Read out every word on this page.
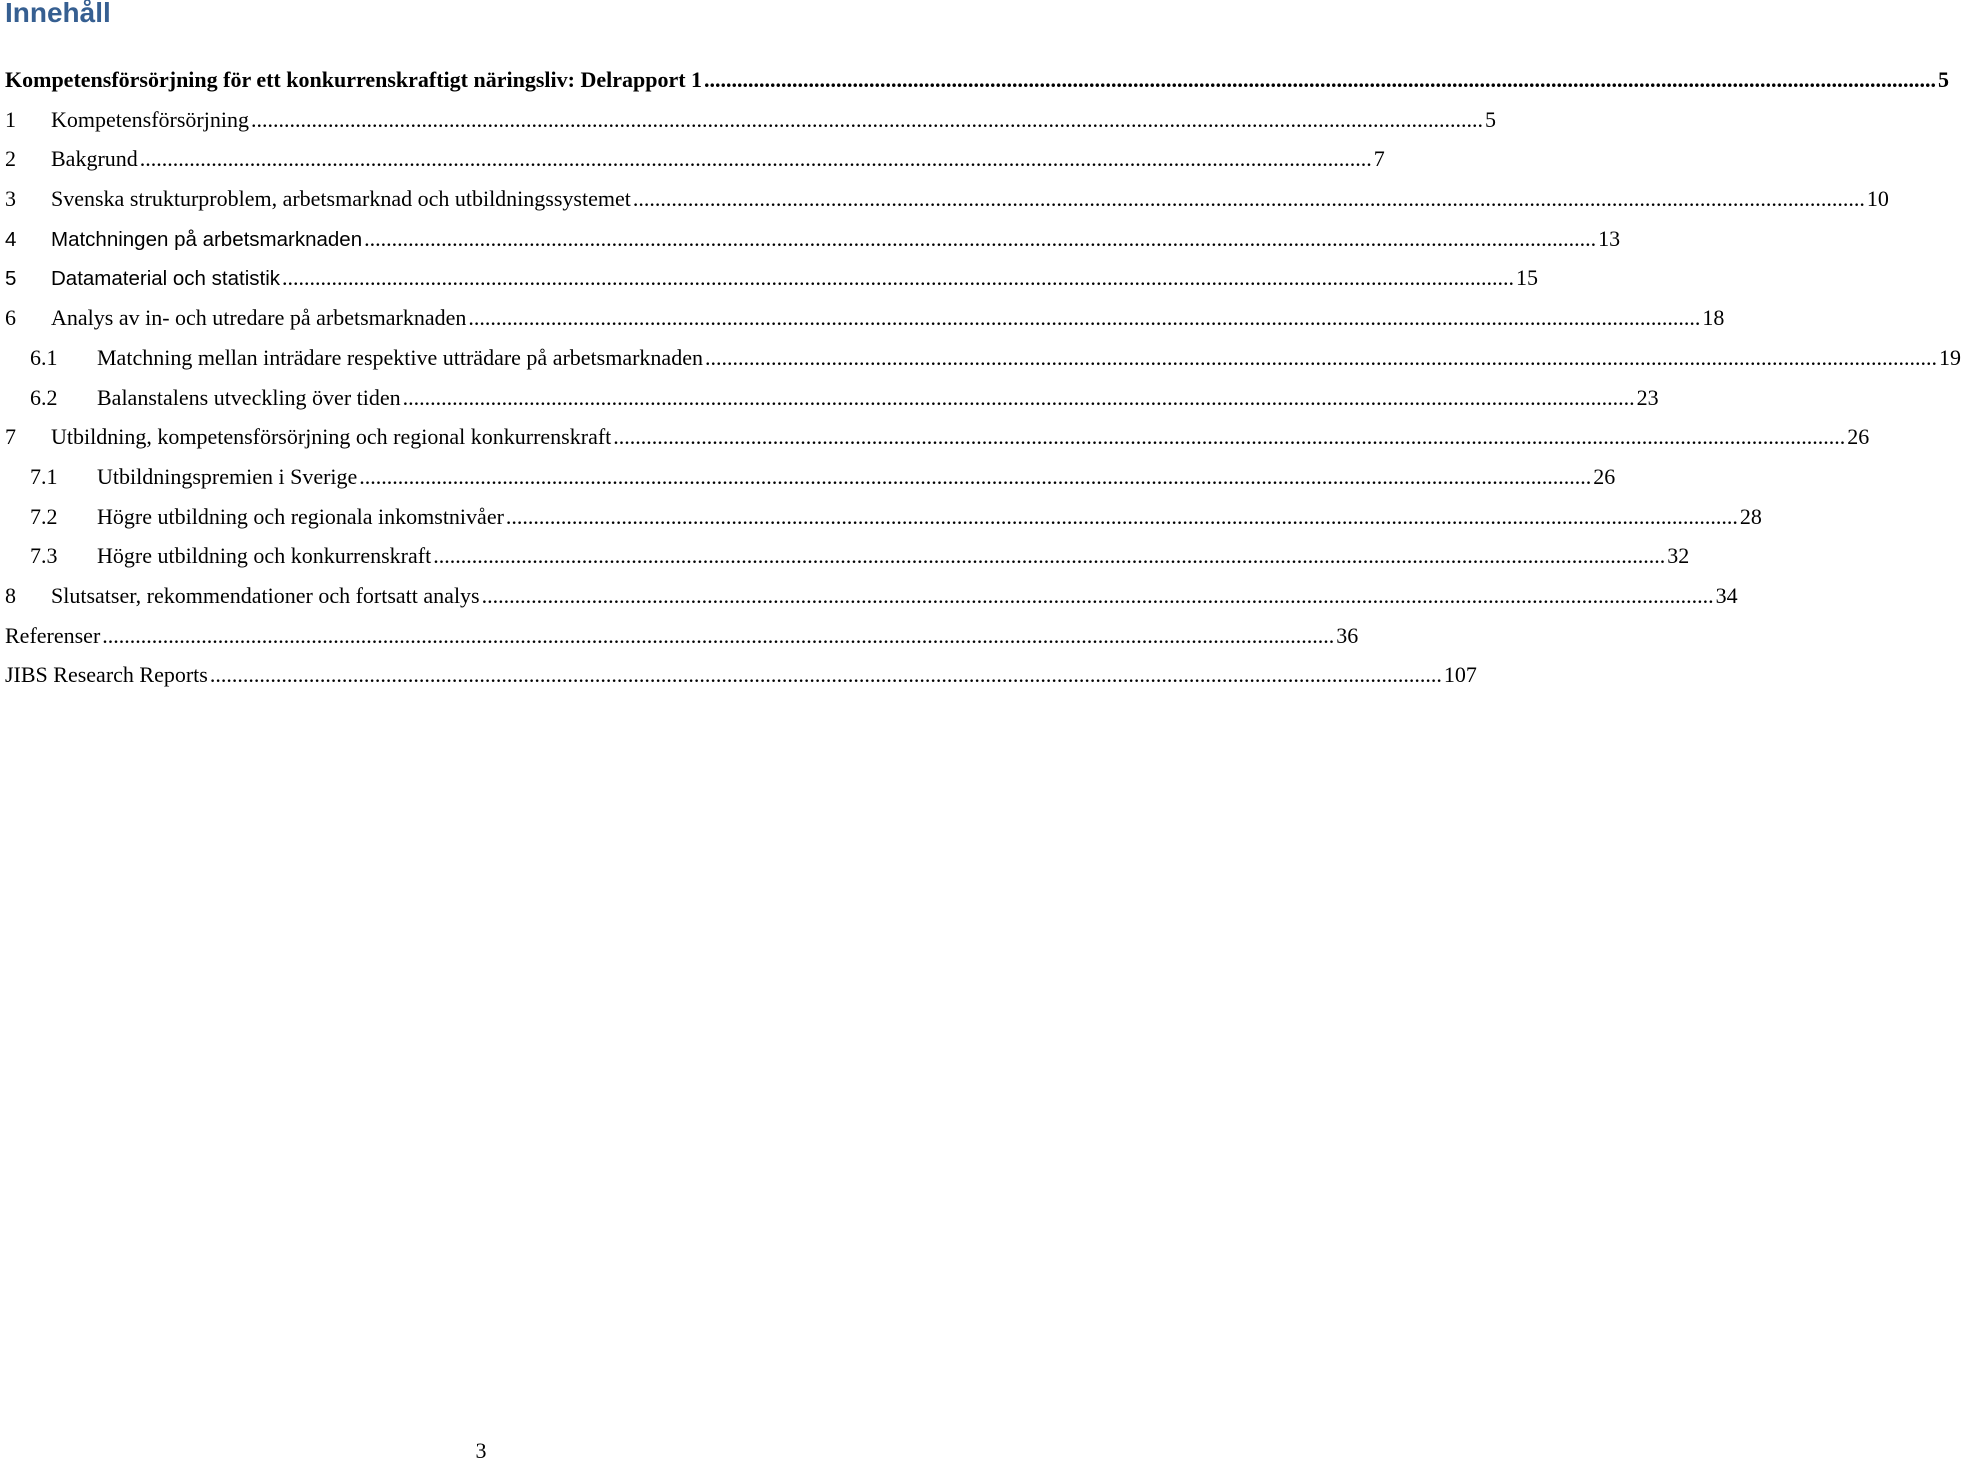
Innehåll
Kompetensförsörjning för ett konkurrenskraftigt näringsliv: Delrapport 1 .....	5
1	Kompetensförsörjning .....	5
2	Bakgrund .....	7
3	Svenska strukturproblem, arbetsmarknad och utbildningssystemet .....	10
4	Matchningen på arbetsmarknaden .....	13
5	Datamaterial och statistik .....	15
6	Analys av in- och utredare på arbetsmarknaden .....	18
6.1	Matchning mellan inträdare respektive utträdare på arbetsmarknaden .....	19
6.2	Balanstalens utveckling över tiden .....	23
7	Utbildning, kompetensförsörjning och regional konkurrenskraft .....	26
7.1	Utbildningspremien i Sverige .....	26
7.2	Högre utbildning och regionala inkomstnivåer .....	28
7.3	Högre utbildning och konkurrenskraft .....	32
8	Slutsatser, rekommendationer och fortsatt analys .....	34
Referenser .....	36
JIBS Research Reports .....	107
3
